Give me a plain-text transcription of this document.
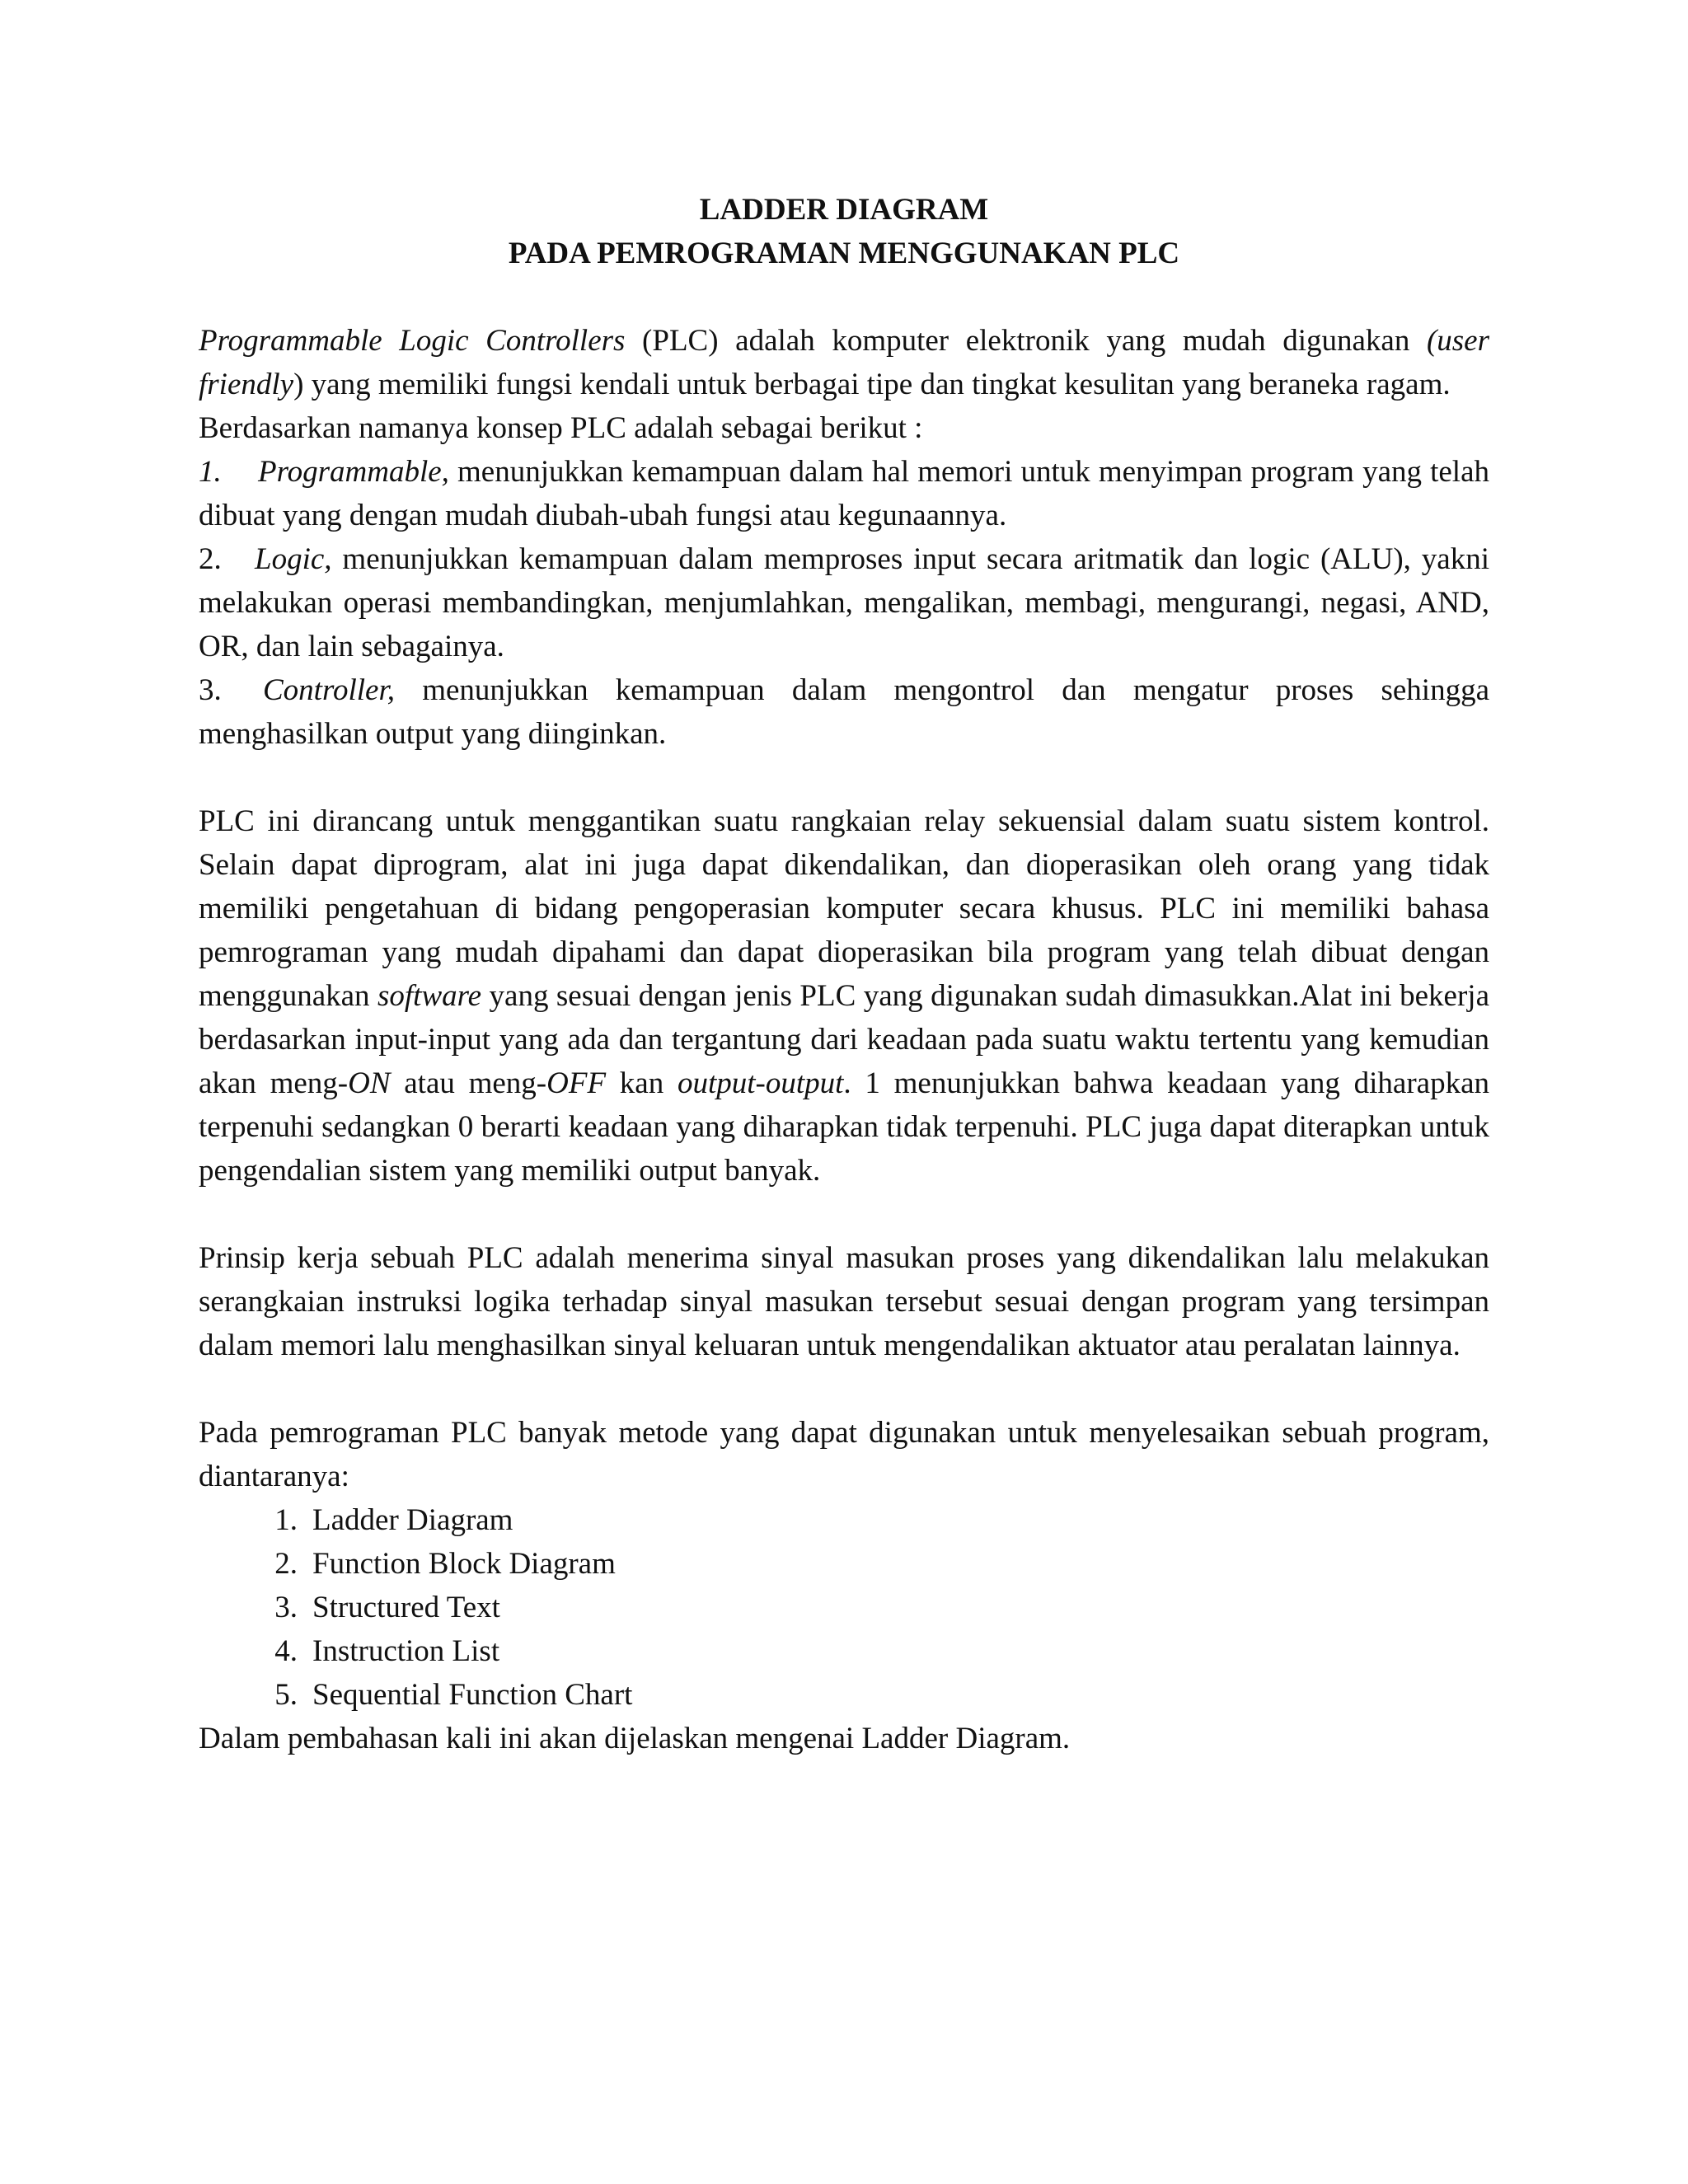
LADDER DIAGRAM
PADA PEMROGRAMAN MENGGUNAKAN PLC

Programmable Logic Controllers (PLC) adalah komputer elektronik yang mudah digunakan (user friendly) yang memiliki fungsi kendali untuk berbagai tipe dan tingkat kesulitan yang beraneka ragam.

Berdasarkan namanya konsep PLC adalah sebagai berikut :

1. Programmable, menunjukkan kemampuan dalam hal memori untuk menyimpan program yang telah dibuat yang dengan mudah diubah-ubah fungsi atau kegunaannya.

2. Logic, menunjukkan kemampuan dalam memproses input secara aritmatik dan logic (ALU), yakni melakukan operasi membandingkan, menjumlahkan, mengalikan, membagi, mengurangi, negasi, AND, OR, dan lain sebagainya.

3. Controller, menunjukkan kemampuan dalam mengontrol dan mengatur proses sehingga menghasilkan output yang diinginkan.

PLC ini dirancang untuk menggantikan suatu rangkaian relay sekuensial dalam suatu sistem kontrol. Selain dapat diprogram, alat ini juga dapat dikendalikan, dan dioperasikan oleh orang yang tidak memiliki pengetahuan di bidang pengoperasian komputer secara khusus. PLC ini memiliki bahasa pemrograman yang mudah dipahami dan dapat dioperasikan bila program yang telah dibuat dengan menggunakan software yang sesuai dengan jenis PLC yang digunakan sudah dimasukkan.Alat ini bekerja berdasarkan input-input yang ada dan tergantung dari keadaan pada suatu waktu tertentu yang kemudian akan meng-ON atau meng-OFF kan output-output. 1 menunjukkan bahwa keadaan yang diharapkan terpenuhi sedangkan 0 berarti keadaan yang diharapkan tidak terpenuhi. PLC juga dapat diterapkan untuk pengendalian sistem yang memiliki output banyak.

Prinsip kerja sebuah PLC adalah menerima sinyal masukan proses yang dikendalikan lalu melakukan serangkaian instruksi logika terhadap sinyal masukan tersebut sesuai dengan program yang tersimpan dalam memori lalu menghasilkan sinyal keluaran untuk mengendalikan aktuator atau peralatan lainnya.

Pada pemrograman PLC banyak metode yang dapat digunakan untuk menyelesaikan sebuah program, diantaranya:

1. Ladder Diagram
2. Function Block Diagram
3. Structured Text
4. Instruction List
5. Sequential Function Chart

Dalam pembahasan kali ini akan dijelaskan mengenai Ladder Diagram.
